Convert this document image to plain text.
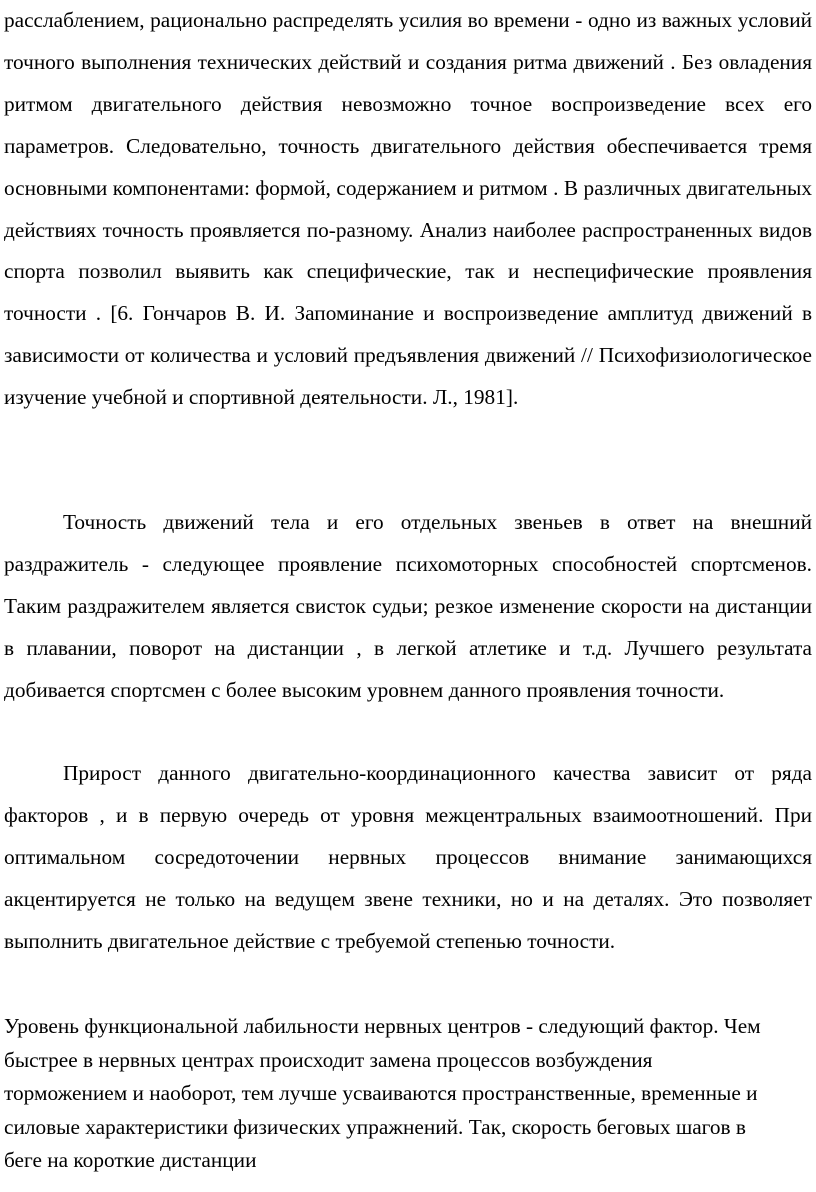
расслаблением, рационально распределять усилия во времени - одно из важных условий точного выполнения технических действий и создания ритма движений . Без овладения ритмом двигательного действия невозможно точное воспроизведение всех его параметров. Следовательно, точность двигательного действия обеспечивается тремя основными компонентами: формой, содержанием и ритмом . В различных двигательных действиях точность проявляется по-разному. Анализ наиболее распространенных видов спорта позволил выявить как специфические, так и неспецифические проявления точности . [6. Гончаров В. И. Запоминание и воспроизведение амплитуд движений в зависимости от количества и условий предъявления движений // Психофизиологическое изучение учебной и спортивной деятельности. Л., 1981].

Точность движений тела и его отдельных звеньев в ответ на внешний раздражитель - следующее проявление психомоторных способностей спортсменов. Таким раздражителем является свисток судьи; резкое изменение скорости на дистанции в плавании, поворот на дистанции , в легкой атлетике и т.д. Лучшего результата добивается спортсмен с более высоким уровнем данного проявления точности.

Прирост данного двигательно-координационного качества зависит от ряда факторов , и в первую очередь от уровня межцентральных взаимоотношений. При оптимальном сосредоточении нервных процессов внимание занимающихся акцентируется не только на ведущем звене техники, но и на деталях. Это позволяет выполнить двигательное действие с требуемой степенью точности.

Уровень функциональной лабильности нервных центров - следующий фактор. Чем быстрее в нервных центрах происходит замена процессов возбуждения торможением и наоборот, тем лучше усваиваются пространственные, временные и силовые характеристики физических упражнений. Так, скорость беговых шагов в беге на короткие дистанции
